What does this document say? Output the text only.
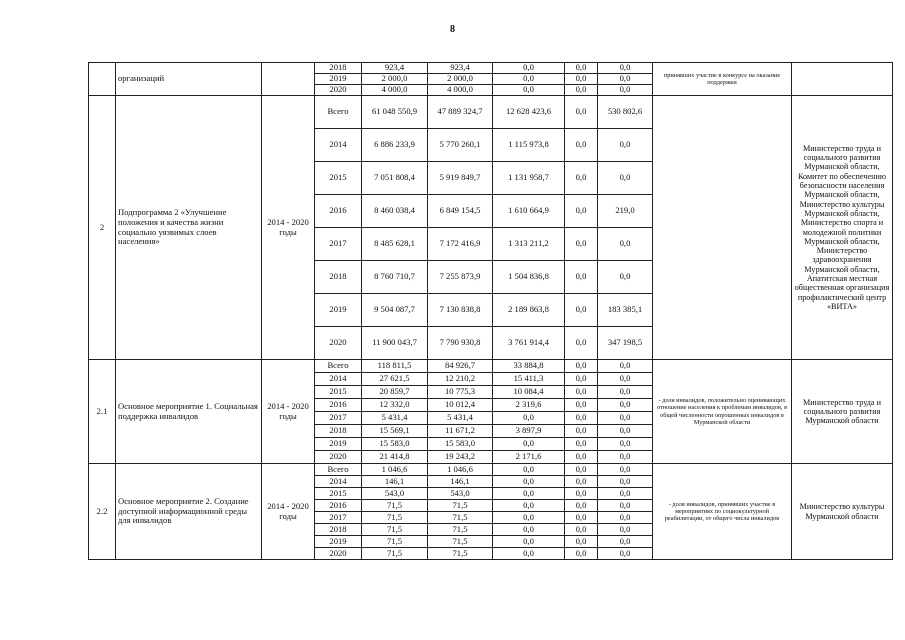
8
	организаций		2018	923,4	923,4	0,0	0,0	0,0	принявших участие в конкурсе на оказание поддержки	
			2019	2 000,0	2 000,0	0,0	0,0	0,0		
			2020	4 000,0	4 000,0	0,0	0,0	0,0		
2	Подпрограмма 2 «Улучшение положения и качества жизни социально уязвимых слоев населения»	2014 - 2020 годы	Всего	61 048 550,9	47 889 324,7	12 628 423,6	0,0	530 802,6		Министерство труда и социального развития Мурманской области, Комитет по обеспечению безопасности населения Мурманской области, Министерство культуры Мурманской области, Министерство спорта и молодежной политики Мурманской области, Министерство здравоохранения Мурманской области, Апатитская местная общественная организация профилактический центр «ВИТА»
			2014	6 886 233,9	5 770 260,1	1 115 973,8	0,0	0,0		
			2015	7 051 808,4	5 919 849,7	1 131 958,7	0,0	0,0		
			2016	8 460 038,4	6 849 154,5	1 610 664,9	0,0	219,0		
			2017	8 485 628,1	7 172 416,9	1 313 211,2	0,0	0,0		
			2018	8 760 710,7	7 255 873,9	1 504 836,8	0,0	0,0		
			2019	9 504 087,7	7 130 838,8	2 189 863,8	0,0	183 385,1		
			2020	11 900 043,7	7 790 930,8	3 761 914,4	0,0	347 198,5		
2.1	Основное мероприятие 1. Социальная поддержка инвалидов	2014 - 2020 годы	Всего	118 811,5	84 926,7	33 884,8	0,0	0,0	- доля инвалидов, положительно оценивающих отношение населения к проблемам инвалидов, в общей численности опрошенных инвалидов в Мурманской области	Министерство труда и социального развития Мурманской области
			2014	27 621,5	12 210,2	15 411,3	0,0	0,0		
			2015	20 859,7	10 775,3	10 084,4	0,0	0,0		
			2016	12 332,0	10 012,4	2 319,6	0,0	0,0		
			2017	5 431,4	5 431,4	0,0	0,0	0,0		
			2018	15 569,1	11 671,2	3 897,9	0,0	0,0		
			2019	15 583,0	15 583,0	0,0	0,0	0,0		
			2020	21 414,8	19 243,2	2 171,6	0,0	0,0		
2.2	Основное мероприятие 2. Создание доступной информационной среды для инвалидов	2014 - 2020 годы	Всего	1 046,6	1 046,6	0,0	0,0	0,0	- доля инвалидов, принявших участие в мероприятиях по социокультурной реабилитации, от общего числа инвалидов	Министерство культуры Мурманской области
			2014	146,1	146,1	0,0	0,0	0,0		
			2015	543,0	543,0	0,0	0,0	0,0		
			2016	71,5	71,5	0,0	0,0	0,0		
			2017	71,5	71,5	0,0	0,0	0,0		
			2018	71,5	71,5	0,0	0,0	0,0		
			2019	71,5	71,5	0,0	0,0	0,0		
			2020	71,5	71,5	0,0	0,0	0,0		
